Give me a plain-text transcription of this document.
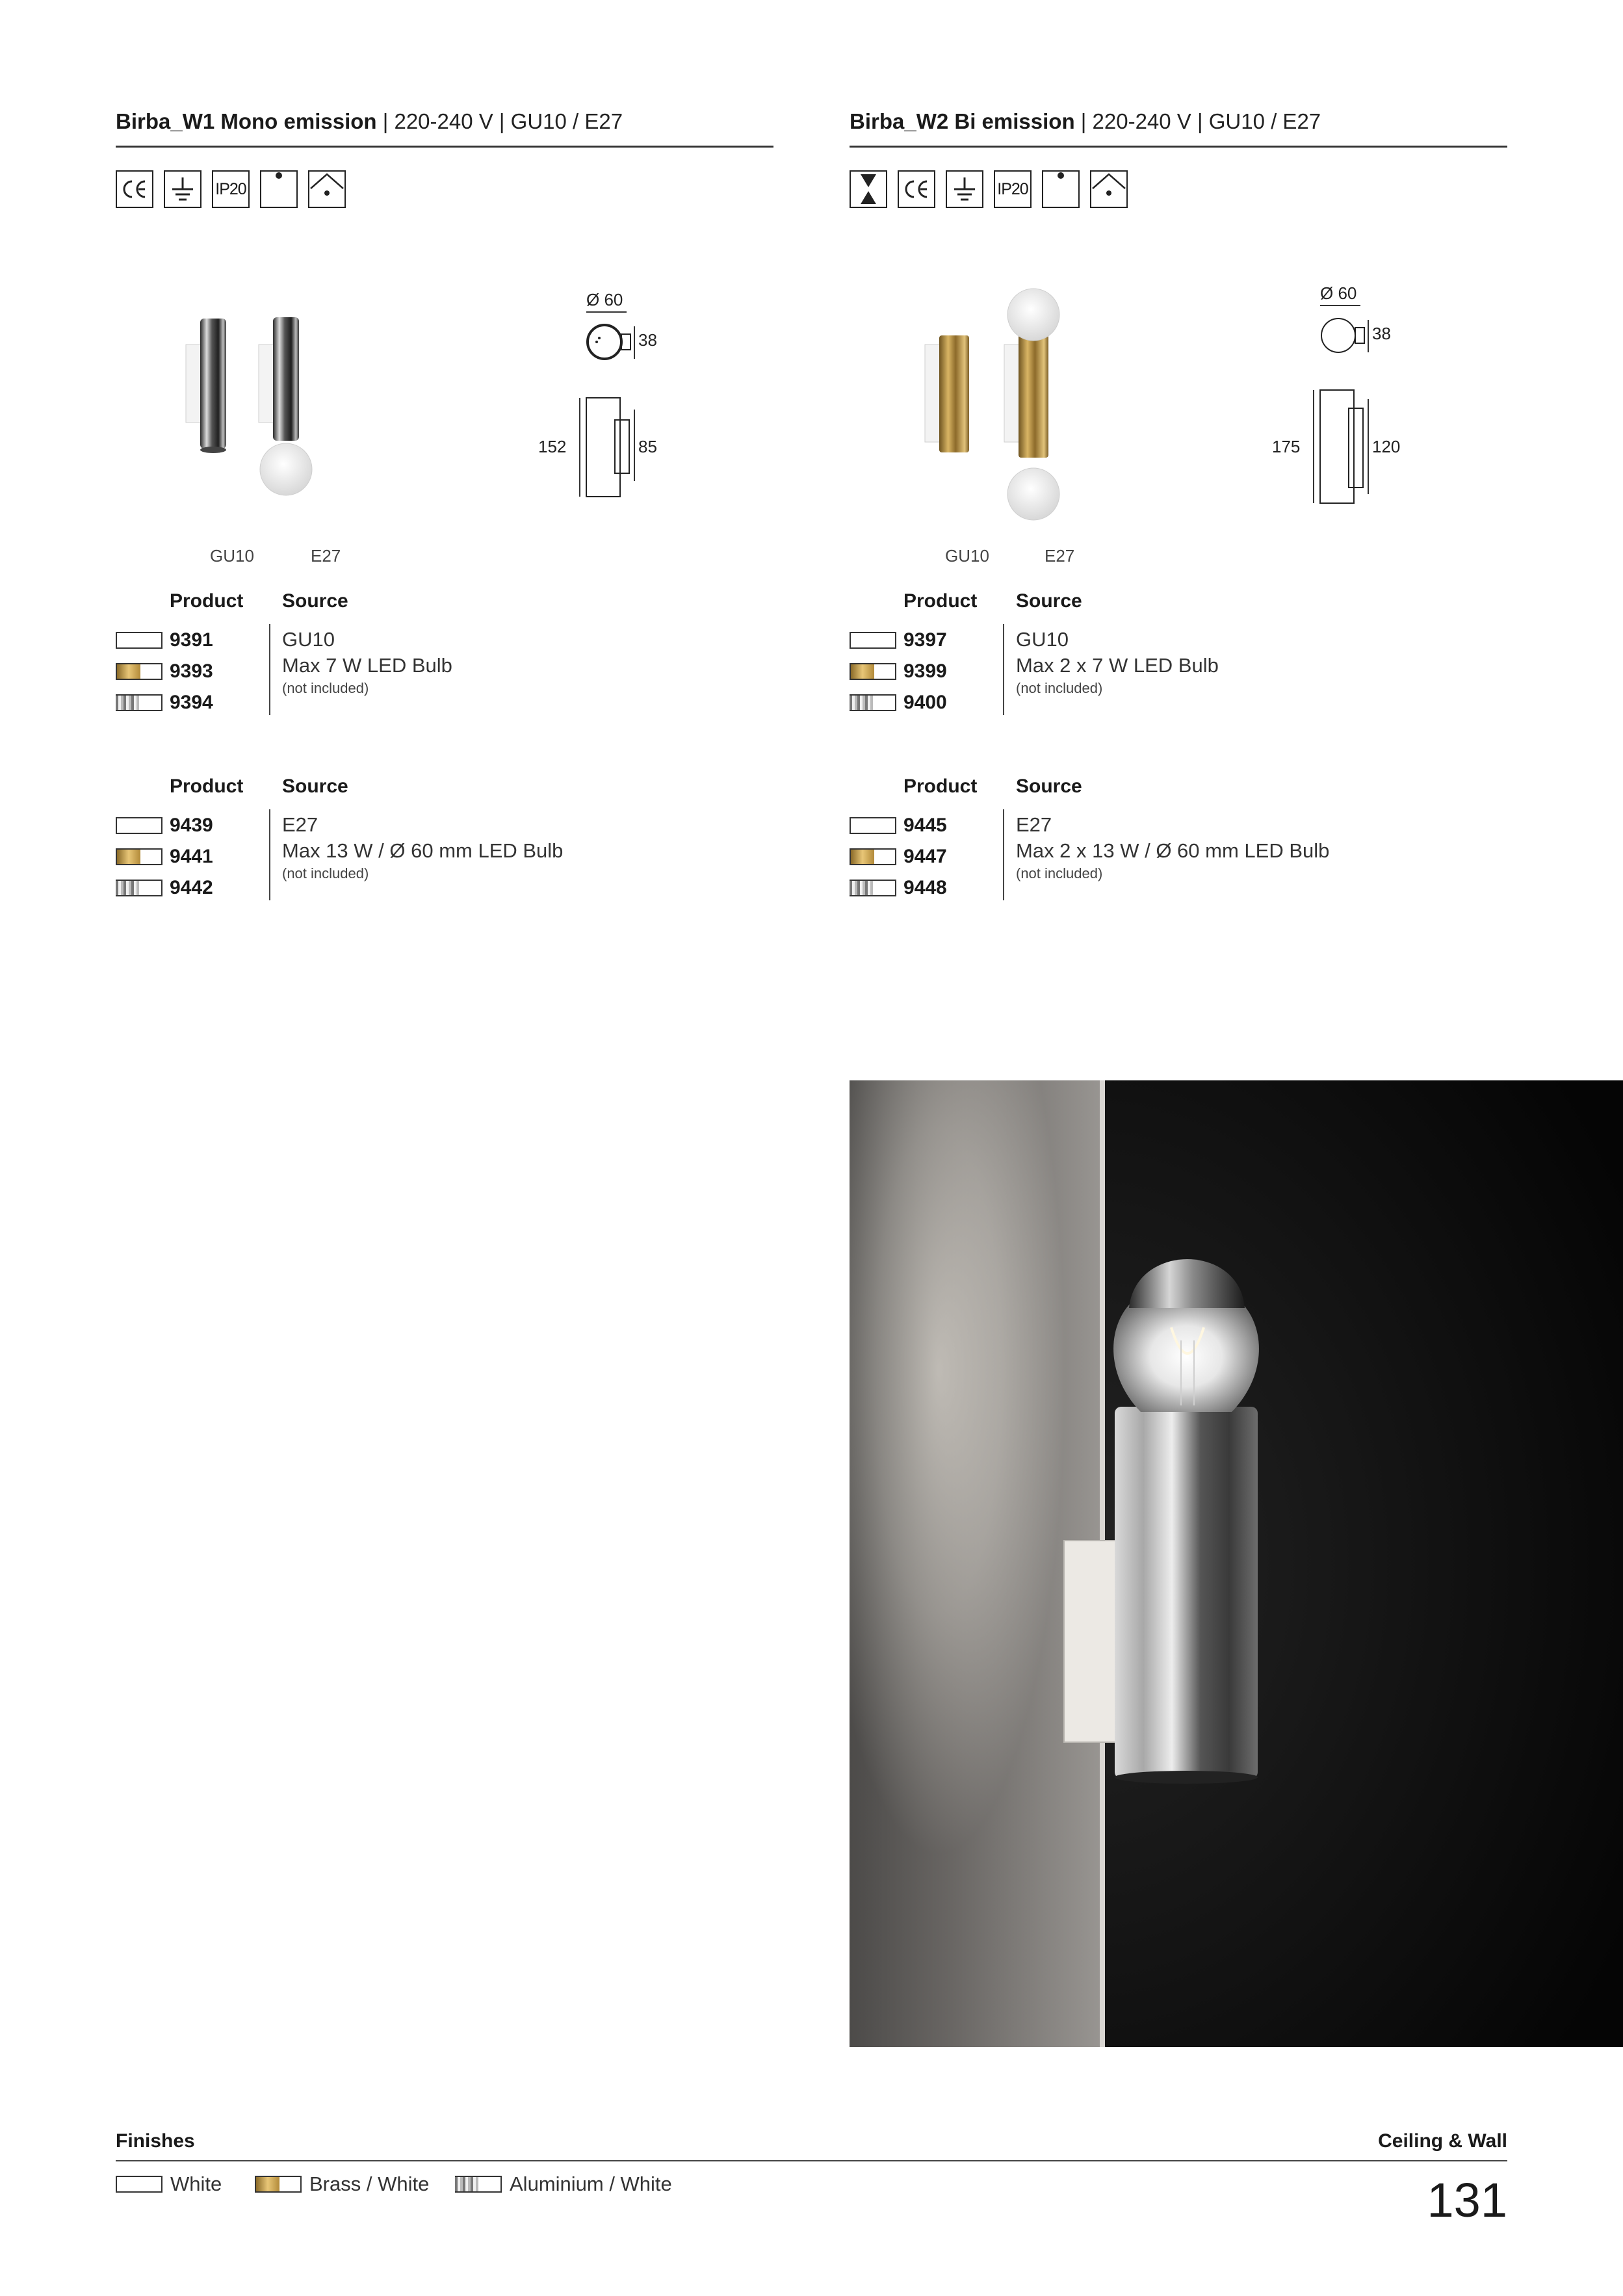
Birba_W1 Mono emission | 220-240 V | GU10 / E27
IP20
Ø 60
38
152	85
GU10	E27
Product Source
9391
9393
9394
GU10
Max 7 W LED Bulb
(not included)
Product Source
9439
9441
9442
E27
Max 13 W / Ø 60 mm LED Bulb
(not included)
Birba_W2 Bi emission | 220-240 V | GU10 / E27
IP20
Ø 60
38
175	120
GU10	E27
Product Source
9397
9399
9400
GU10
Max 2 x 7 W LED Bulb
(not included)
Product Source
9445
9447
9448
E27
Max 2 x 13 W / Ø 60 mm LED Bulb
(not included)
Finishes	Ceiling & Wall
White	Brass / White	Aluminium / White	131
